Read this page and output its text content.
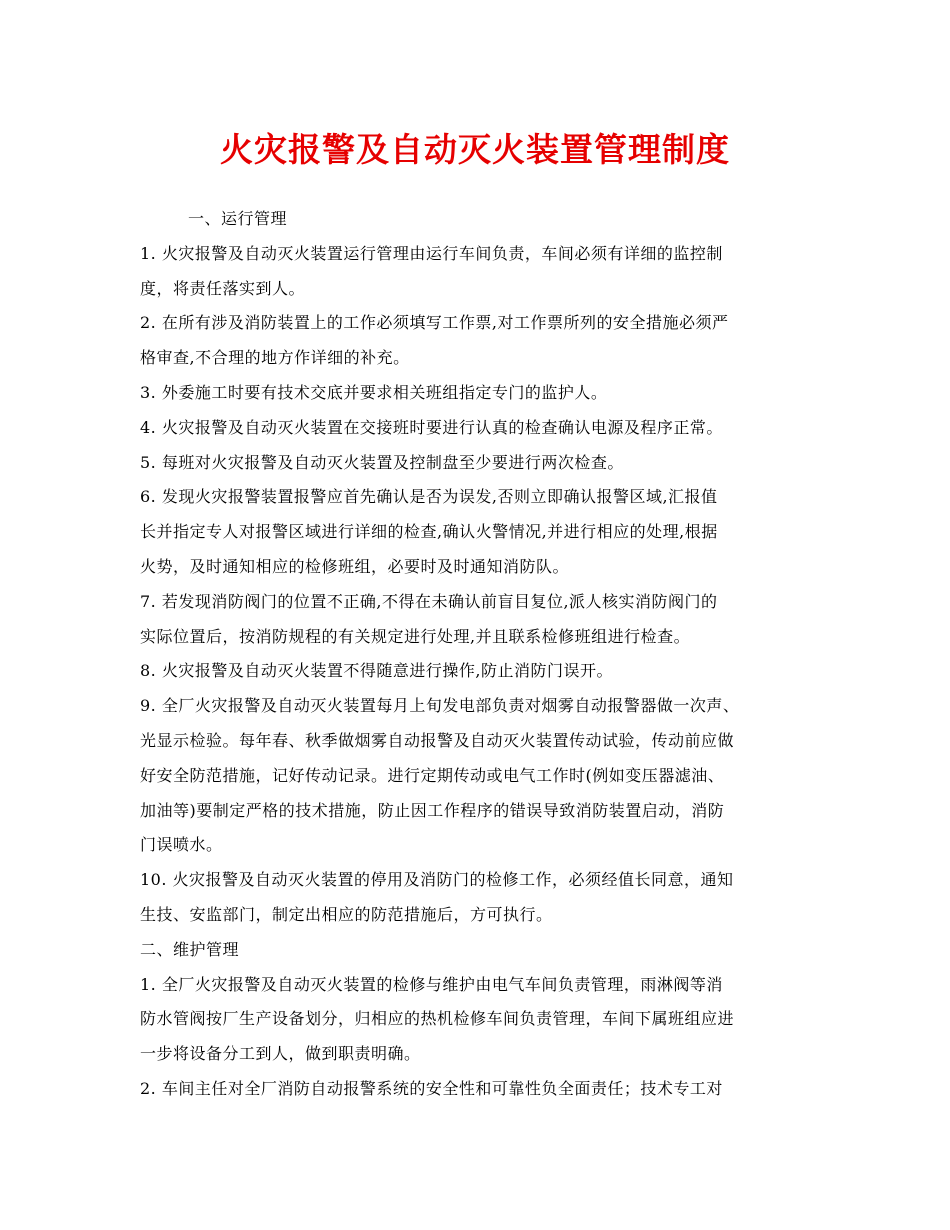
火灾报警及自动灭火装置管理制度
一、运行管理
1. 火灾报警及自动灭火装置运行管理由运行车间负责，车间必须有详细的监控制
度，将责任落实到人。
2. 在所有涉及消防装置上的工作必须填写工作票,对工作票所列的安全措施必须严
格审查,不合理的地方作详细的补充。
3. 外委施工时要有技术交底并要求相关班组指定专门的监护人。
4. 火灾报警及自动灭火装置在交接班时要进行认真的检查确认电源及程序正常。
5. 每班对火灾报警及自动灭火装置及控制盘至少要进行两次检查。
6. 发现火灾报警装置报警应首先确认是否为误发,否则立即确认报警区域,汇报值
长并指定专人对报警区域进行详细的检查,确认火警情况,并进行相应的处理,根据
火势，及时通知相应的检修班组，必要时及时通知消防队。
7. 若发现消防阀门的位置不正确,不得在未确认前盲目复位,派人核实消防阀门的
实际位置后，按消防规程的有关规定进行处理,并且联系检修班组进行检查。
8. 火灾报警及自动灭火装置不得随意进行操作,防止消防门误开。
9. 全厂火灾报警及自动灭火装置每月上旬发电部负责对烟雾自动报警器做一次声、
光显示检验。每年春、秋季做烟雾自动报警及自动灭火装置传动试验，传动前应做
好安全防范措施，记好传动记录。进行定期传动或电气工作时(例如变压器滤油、
加油等)要制定严格的技术措施，防止因工作程序的错误导致消防装置启动，消防
门误喷水。
10. 火灾报警及自动灭火装置的停用及消防门的检修工作，必须经值长同意，通知
生技、安监部门，制定出相应的防范措施后，方可执行。
二、维护管理
1. 全厂火灾报警及自动灭火装置的检修与维护由电气车间负责管理，雨淋阀等消
防水管阀按厂生产设备划分，归相应的热机检修车间负责管理，车间下属班组应进
一步将设备分工到人，做到职责明确。
2. 车间主任对全厂消防自动报警系统的安全性和可靠性负全面责任；技术专工对
